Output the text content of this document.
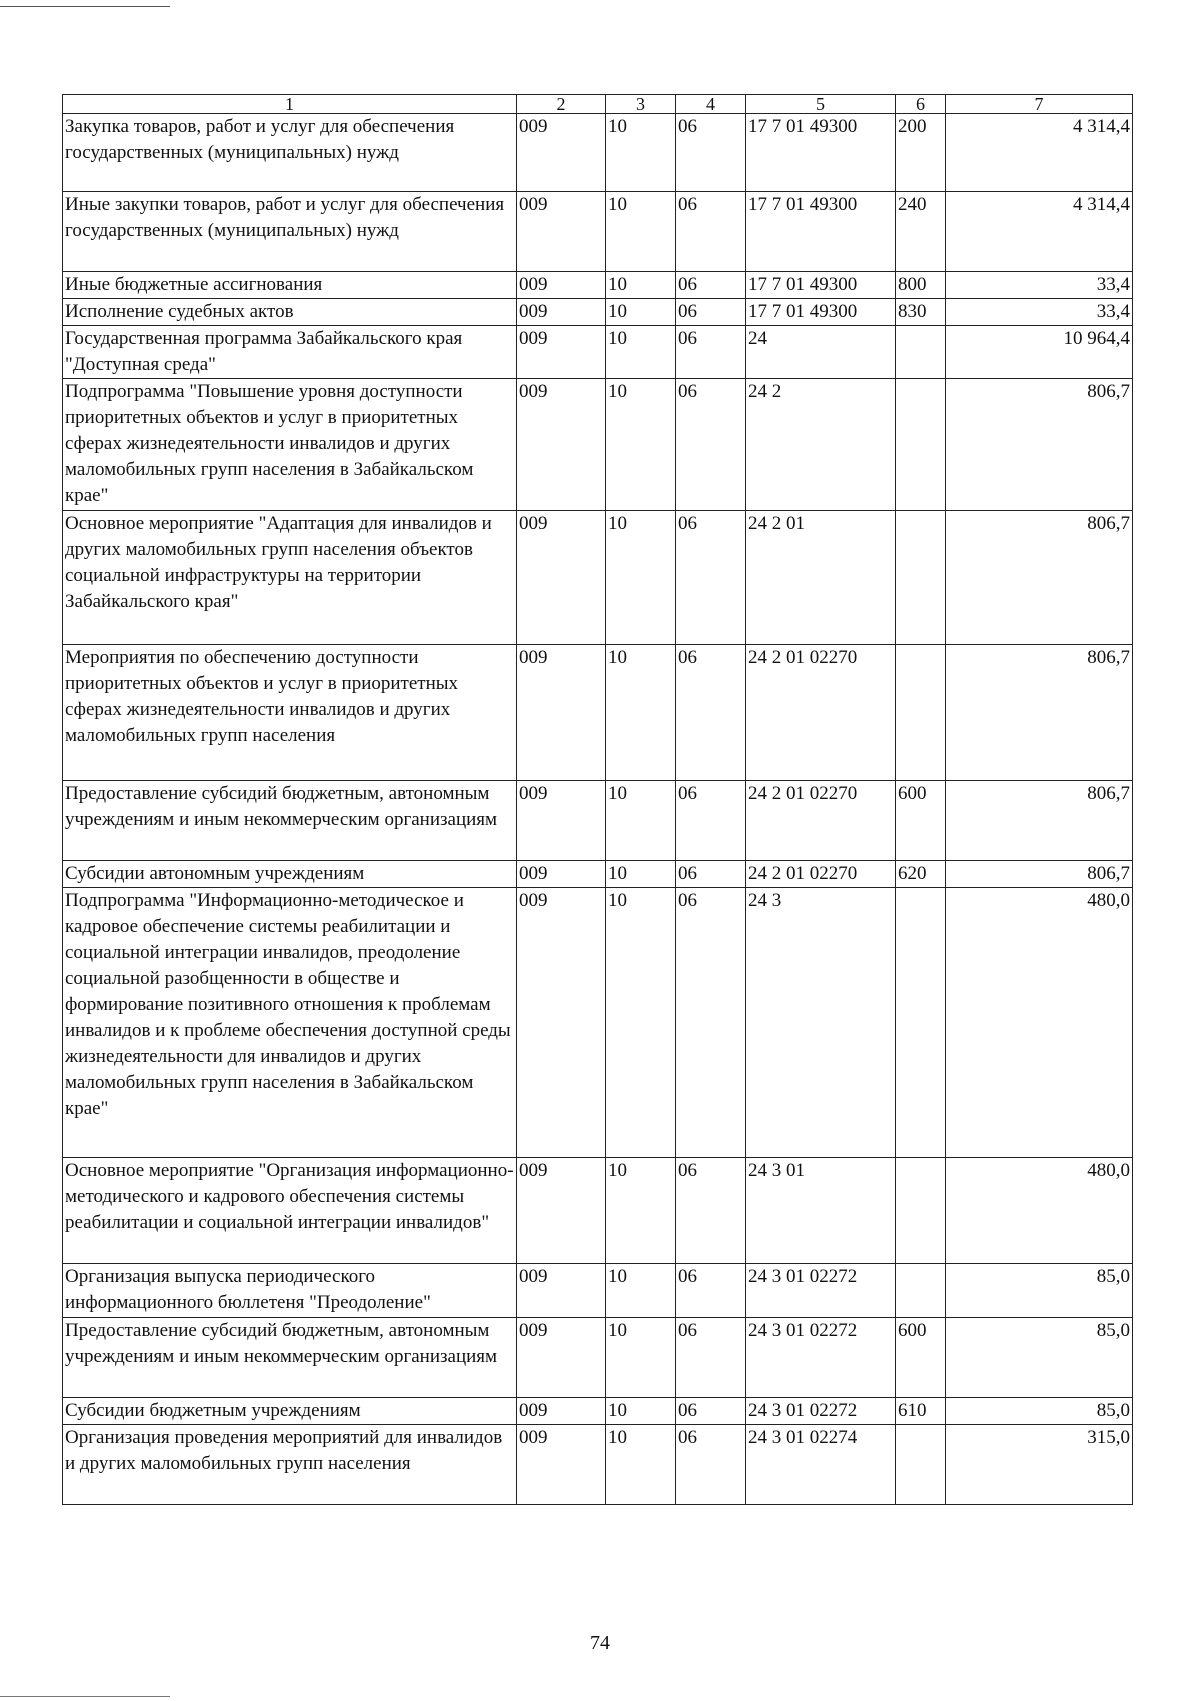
1	2	3	4	5	6	7
Закупка товаров, работ и услуг для обеспечения государственных (муниципальных) нужд	009	10	06	17 7 01 49300	200	4 314,4
Иные закупки товаров, работ и услуг для обеспечения государственных (муниципальных) нужд	009	10	06	17 7 01 49300	240	4 314,4
Иные бюджетные ассигнования	009	10	06	17 7 01 49300	800	33,4
Исполнение судебных актов	009	10	06	17 7 01 49300	830	33,4
Государственная программа Забайкальского края "Доступная среда"	009	10	06	24		10 964,4
Подпрограмма "Повышение уровня доступности приоритетных объектов и услуг в приоритетных сферах жизнедеятельности инвалидов и других маломобильных групп населения в Забайкальском крае"	009	10	06	24 2		806,7
Основное мероприятие "Адаптация для инвалидов и других маломобильных групп населения объектов социальной инфраструктуры на территории Забайкальского края"	009	10	06	24 2 01		806,7
Мероприятия по обеспечению доступности приоритетных объектов и услуг в приоритетных сферах жизнедеятельности инвалидов и других маломобильных групп населения	009	10	06	24 2 01 02270		806,7
Предоставление субсидий бюджетным, автономным учреждениям и иным некоммерческим организациям	009	10	06	24 2 01 02270	600	806,7
Субсидии автономным учреждениям	009	10	06	24 2 01 02270	620	806,7
Подпрограмма "Информационно-методическое и кадровое обеспечение системы реабилитации и социальной интеграции инвалидов, преодоление социальной разобщенности в обществе и формирование позитивного отношения к проблемам инвалидов и к проблеме обеспечения доступной среды жизнедеятельности для инвалидов и других маломобильных групп населения в Забайкальском крае"	009	10	06	24 3		480,0
Основное мероприятие "Организация информационно-методического и кадрового обеспечения системы реабилитации и социальной интеграции инвалидов"	009	10	06	24 3 01		480,0
Организация выпуска периодического информационного бюллетеня "Преодоление"	009	10	06	24 3 01 02272		85,0
Предоставление субсидий бюджетным, автономным учреждениям и иным некоммерческим организациям	009	10	06	24 3 01 02272	600	85,0
Субсидии бюджетным учреждениям	009	10	06	24 3 01 02272	610	85,0
Организация проведения мероприятий для инвалидов и других маломобильных групп населения	009	10	06	24 3 01 02274		315,0
74
